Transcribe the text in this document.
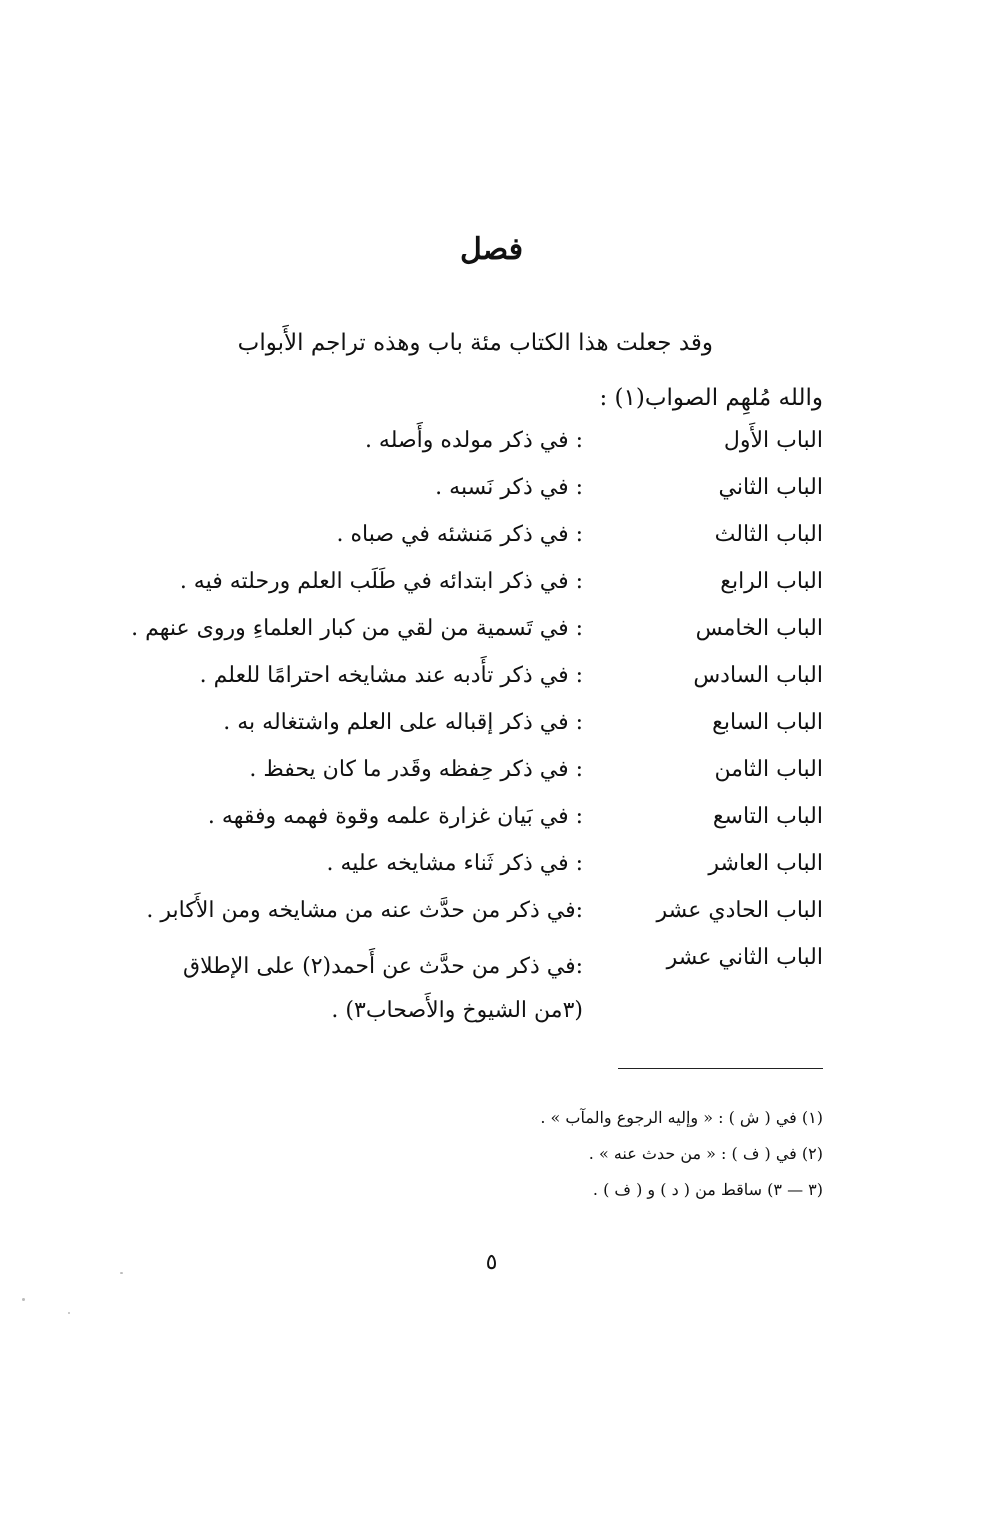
فصل
وقد جعلت هذا الكتاب مئة باب وهذه تراجم الأَبواب
والله مُلهِم الصواب(١) :
الباب الأَول
: في ذكر مولده وأَصله .
الباب الثاني
: في ذكر نَسبه .
الباب الثالث
: في ذكر مَنشئه في صباه .
الباب الرابع
: في ذكر ابتدائه في طَلَب العلم ورحلته فيه .
الباب الخامس
: في تَسمية من لقي من كبار العلماءِ وروى عنهم .
الباب السادس
: في ذكر تأَدبه عند مشايخه احترامًا للعلم .
الباب السابع
: في ذكر إقباله على العلم واشتغاله به .
الباب الثامن
: في ذكر حِفظه وقَدر ما كان يحفظ .
الباب التاسع
: في بَيان غزارة علمه وقوة فهمه وفقهه .
الباب العاشر
: في ذكر ثَناء مشايخه عليه .
الباب الحادي عشر
:في ذكر من حدَّث عنه من مشايخه ومن الأَكابر .
الباب الثاني عشر
:في ذكر من حدَّث عن أَحمد(٢) على الإطلاق (٣من الشيوخ والأَصحاب٣) .
(١) في ( ش ) : « وإليه الرجوع والمآب » .
(٢) في ( ف ) : « من حدث عنه » .
(٣ — ٣) ساقط من ( د ) و ( ف ) .
٥
